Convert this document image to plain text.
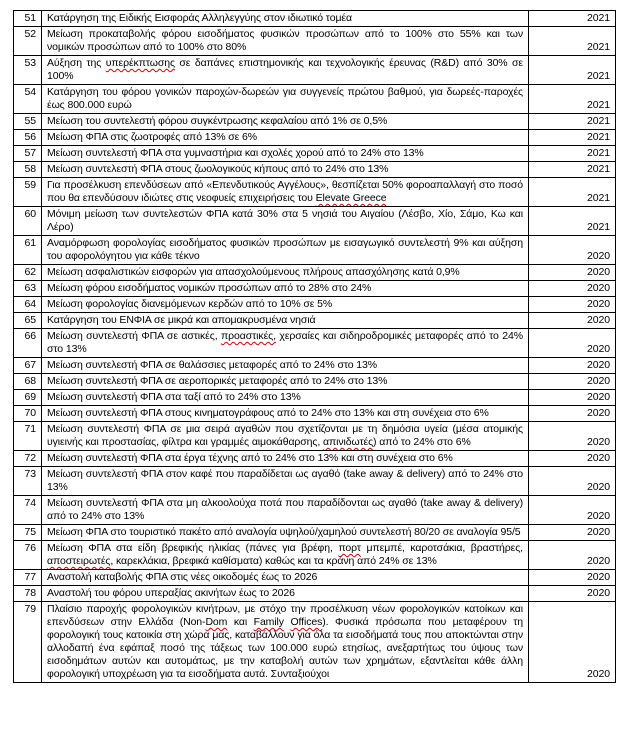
51	Κατάργηση της Ειδικής Εισφοράς Αλληλεγγύης στον ιδιωτικό τομέα	2021
52	Μείωση προκαταβολής φόρου εισοδήματος φυσικών προσώπων από το 100% στο 55% και των νομικών προσώπων από το 100% στο 80%	2021
53	Αύξηση της υπερέκπτωσης σε δαπάνες επιστημονικής και τεχνολογικής έρευνας (R&D) από 30% σε 100%	2021
54	Κατάργηση του φόρου γονικών παροχών-δωρεών για συγγενείς πρώτου βαθμού, για δωρεές-παροχές έως 800.000 ευρώ	2021
55	Μείωση του συντελεστή φόρου συγκέντρωσης κεφαλαίου από 1% σε 0,5%	2021
56	Μείωση ΦΠΑ στις ζωοτροφές από 13% σε 6%	2021
57	Μείωση συντελεστή ΦΠΑ στα γυμναστήρια και σχολές χορού από το 24% στο 13%	2021
58	Μείωση συντελεστή ΦΠΑ στους ζωολογικούς κήπους από το 24% στο 13%	2021
59	Για προσέλκυση επενδύσεων από «Επενδυτικούς Αγγέλους», θεσπίζεται 50% φοροαπαλλαγή στο ποσό που θα επενδύσουν ιδιώτες στις νεοφυείς επιχειρήσεις του Elevate Greece	2021
60	Μόνιμη μείωση των συντελεστών ΦΠΑ κατά 30% στα 5 νησιά του Αιγαίου (Λέσβο, Χίο, Σάμο, Κω και Λέρο)	2021
61	Αναμόρφωση φορολογίας εισοδήματος φυσικών προσώπων με εισαγωγικό συντελεστή 9% και αύξηση του αφορολόγητου για κάθε τέκνο	2020
62	Μείωση ασφαλιστικών εισφορών για απασχολούμενους πλήρους απασχόλησης κατά 0,9%	2020
63	Μείωση φόρου εισοδήματος νομικών προσώπων από το 28% στο 24%	2020
64	Μείωση φορολογίας διανεμόμενων κερδών από το 10% σε 5%	2020
65	Κατάργηση του ΕΝΦΙΑ σε μικρά και απομακρυσμένα νησιά	2020
66	Μείωση συντελεστή ΦΠΑ σε αστικές, προαστικές, χερσαίες και σιδηροδρομικές μεταφορές από το 24% στο 13%	2020
67	Μείωση συντελεστή ΦΠΑ σε θαλάσσιες μεταφορές από το 24% στο 13%	2020
68	Μείωση συντελεστή ΦΠΑ σε αεροπορικές μεταφορές από το 24% στο 13%	2020
69	Μείωση συντελεστή ΦΠΑ στα ταξί από το 24% στο 13%	2020
70	Μείωση συντελεστή ΦΠΑ στους κινηματογράφους από το 24% στο 13% και στη συνέχεια στο 6%	2020
71	Μείωση συντελεστή ΦΠΑ σε μια σειρά αγαθών που σχετίζονται με τη δημόσια υγεία (μέσα ατομικής υγιεινής και προστασίας, φίλτρα και γραμμές αιμοκάθαρσης, απινιδωτές) από το 24% στο 6%	2020
72	Μείωση συντελεστή ΦΠΑ στα έργα τέχνης από το 24% στο 13% και στη συνέχεια στο 6%	2020
73	Μείωση συντελεστή ΦΠΑ στον καφέ που παραδίδεται ως αγαθό (take away & delivery) από το 24% στο 13%	2020
74	Μείωση συντελεστή ΦΠΑ στα μη αλκοολούχα ποτά που παραδίδονται ως αγαθό (take away & delivery) από το 24% στο 13%	2020
75	Μείωση ΦΠΑ στο τουριστικό πακέτο από αναλογία υψηλού/χαμηλού συντελεστή 80/20 σε αναλογία 95/5	2020
76	Μείωση ΦΠΑ στα είδη βρεφικής ηλικίας (πάνες για βρέφη, πορτ μπεμπέ, καροτσάκια, βραστήρες, αποστειρωτές, καρεκλάκια, βρεφικά καθίσματα) καθώς και τα κράνη από 24% σε 13%	2020
77	Αναστολή καταβολής ΦΠΑ στις νέες οικοδομές έως το 2026	2020
78	Αναστολή του φόρου υπεραξίας ακινήτων έως το 2026	2020
79	Πλαίσιο παροχής φορολογικών κινήτρων, με στόχο την προσέλκυση νέων φορολογικών κατοίκων και επενδύσεων στην Ελλάδα (Non-Dom και Family Offices). Φυσικά πρόσωπα που μεταφέρουν τη φορολογική τους κατοικία στη χώρα μας, καταβάλλουν για όλα τα εισοδήματά τους που αποκτώνται στην αλλοδαπή ένα εφάπαξ ποσό της τάξεως των 100.000 ευρώ ετησίως, ανεξαρτήτως του ύψους των εισοδημάτων αυτών και αυτομάτως, με την καταβολή αυτών των χρημάτων, εξαντλείται κάθε άλλη φορολογική υποχρέωση για τα εισοδήματα αυτά. Συνταξιούχοι	2020
